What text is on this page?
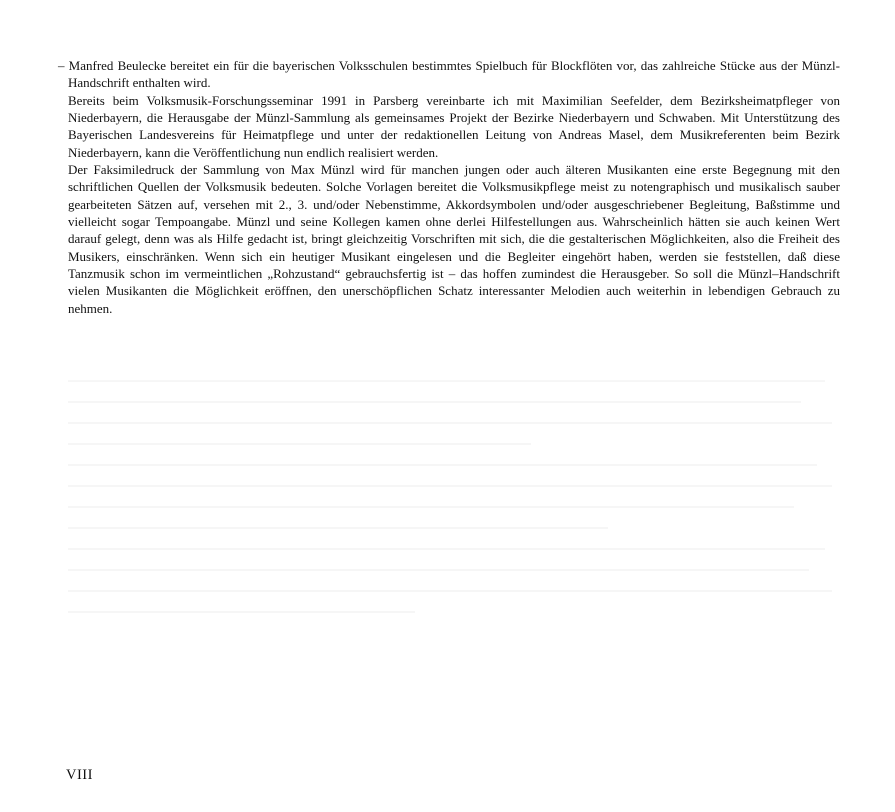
– Manfred Beulecke bereitet ein für die bayerischen Volksschulen bestimmtes Spielbuch für Blockflöten vor, das zahlreiche Stücke aus der Münzl-Handschrift enthalten wird.

Bereits beim Volksmusik-Forschungsseminar 1991 in Parsberg vereinbarte ich mit Maximilian Seefelder, dem Bezirksheimatpfleger von Niederbayern, die Herausgabe der Münzl-Sammlung als gemeinsames Projekt der Bezirke Niederbayern und Schwaben. Mit Unterstützung des Bayerischen Landesvereins für Heimatpflege und unter der redaktionellen Leitung von Andreas Masel, dem Musikreferenten beim Bezirk Niederbayern, kann die Veröffentlichung nun endlich realisiert werden.

Der Faksimiledruck der Sammlung von Max Münzl wird für manchen jungen oder auch älteren Musikanten eine erste Begegnung mit den schriftlichen Quellen der Volksmusik bedeuten. Solche Vorlagen bereitet die Volksmusikpflege meist zu notengraphisch und musikalisch sauber gearbeiteten Sätzen auf, versehen mit 2., 3. und/oder Nebenstimme, Akkordsymbolen und/oder ausgeschriebener Begleitung, Baßstimme und vielleicht sogar Tempoangabe. Münzl und seine Kollegen kamen ohne derlei Hilfestellungen aus. Wahrscheinlich hätten sie auch keinen Wert darauf gelegt, denn was als Hilfe gedacht ist, bringt gleichzeitig Vorschriften mit sich, die die gestalterischen Möglichkeiten, also die Freiheit des Musikers, einschränken. Wenn sich ein heutiger Musikant eingelesen und die Begleiter eingehört haben, werden sie feststellen, daß diese Tanzmusik schon im vermeintlichen „Rohzustand“ gebrauchsfertig ist – das hoffen zumindest die Herausgeber. So soll die Münzl–Handschrift vielen Musikanten die Möglichkeit eröffnen, den unerschöpflichen Schatz interessanter Melodien auch weiterhin in lebendigen Gebrauch zu nehmen.

VIII
